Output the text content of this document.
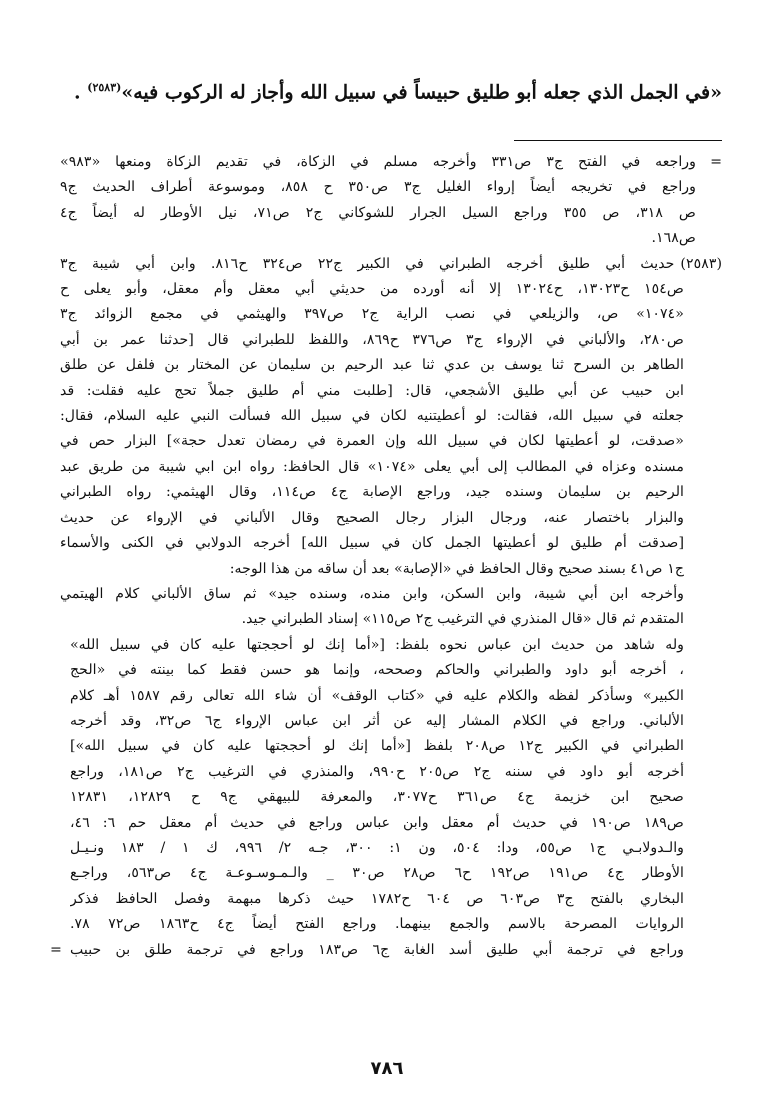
«في الجمل الذي جعله أبو طليق حبيساً في سبيل الله وأجاز له الركوب فيه»$^{(٢٥٨٣)}$ .
=
وراجعه في الفتح ج٣ ص٣٣١ وأخرجه مسلم في الزكاة، في تقديم الزكاة ومنعها «٩٨٣»
وراجع في تخريجه أيضاً إرواء الغليل ج٣ ص٣٥٠ ح ٨٥٨، وموسوعة أطراف الحديث ج٩
ص ٣١٨، ص ٣٥٥ وراجع السيل الجرار للشوكاني ج٢ ص٧١، نيل الأوطار له أيضاً ج٤
ص١٦٨.
(٢٥٨٣)حديث أبي طليق أخرجه الطبراني في الكبير ج٢٢ ص٣٢٤ ح٨١٦. وابن أبي شيبة ج٣
ص١٥٤ ح١٣٠٢٣، ح١٣٠٢٤ إلا أنه أورده من حديثي أبي معقل وأم معقل، وأبو يعلى ح
«١٠٧٤» ص، والزيلعي في نصب الراية ج٢ ص٣٩٧ والهيثمي في مجمع الزوائد ج٣
ص٢٨٠، والألباني في الإرواء ج٣ ص٣٧٦ ح٨٦٩، واللفظ للطبراني قال [حدثنا عمر بن أبي
الطاهر بن السرح ثنا يوسف بن عدي ثنا عبد الرحيم بن سليمان عن المختار بن فلفل عن طلق
ابن حبيب عن أبي طليق الأشجعي، قال: [طلبت مني أم طليق جملاً تحج عليه فقلت: قد
جعلته في سبيل الله، فقالت: لو أعطيتنيه لكان في سبيل الله فسألت النبي عليه السلام، فقال:
«صدقت، لو أعطيتها لكان في سبيل الله وإن العمرة في رمضان تعدل حجة»] البزار حص في
مسنده وعزاه في المطالب إلى أبي يعلى «١٠٧٤» قال الحافظ: رواه ابن ابي شيبة من طريق عبد
الرحيم بن سليمان وسنده جيد، وراجع الإصابة ج٤ ص١١٤، وقال الهيثمي: رواه الطبراني
والبزار باختصار عنه، ورجال البزار رجال الصحيح وقال الألباني في الإرواء عن حديث
[صدقت أم طليق لو أعطيتها الجمل كان في سبيل الله] أخرجه الدولابي في الكنى والأسماء
ج١ ص٤١ بسند صحيح وقال الحافظ في «الإصابة» بعد أن ساقه من هذا الوجه:
وأخرجه ابن أبي شيبة، وابن السكن، وابن منده، وسنده جيد» ثم ساق الألباني كلام الهيتمي
المتقدم ثم قال «قال المنذري في الترغيب ج٢ ص١١٥» إسناد الطبراني جيد.
وله شاهد من حديث ابن عباس نحوه بلفظ: [«أما إنك لو أحججتها عليه كان في سبيل الله»
، أخرجه أبو داود والطبراني والحاكم وصححه، وإنما هو حسن فقط كما بينته في «الحج
الكبير» وسأذكر لفظه والكلام عليه في «كتاب الوقف» أن شاء الله تعالى رقم ١٥٨٧ أهـ كلام
الألباني. وراجع في الكلام المشار إليه عن أثر ابن عباس الإرواء ج٦ ص٣٢، وقد أخرجه
الطبراني في الكبير ج١٢ ص٢٠٨ بلفظ [«أما إنك لو أحججتها عليه كان في سبيل الله»]
أخرجه أبو داود في سننه ج٢ ص٢٠٥ ح٩٩٠، والمنذري في الترغيب ج٢ ص١٨١، وراجع
صحيح ابن خزيمة ج٤ ص٣٦١ ح٣٠٧٧، والمعرفة للبيهقي ج٩ ح ١٢٨٢٩، ١٢٨٣١
ص١٨٩ ص١٩٠ في حديث أم معقل وابن عباس وراجع في حديث أم معقل حم ٦: ٤٦،
والـدولابـي ج١ ص٥٥، ودا: ٥٠٤، ون ١: ٣٠٠، جـه ٢/ ٩٩٦، ك ١ / ١٨٣ ونـيـل
الأوطار ج٤ ص١٩١ ص١٩٢ ح٦ ص٢٨ ص٣٠ _ والـمـوسـوعـة ج٤ ص٥٦٣، وراجـع
البخاري بالفتح ج٣ ص٦٠٣ ص ٦٠٤ ح١٧٨٢ حيث ذكرها مبهمة وفصل الحافظ فذكر
الروايات المصرحة بالاسم والجمع بينهما. وراجع الفتح أيضاً ج٤ ح١٨٦٣ ص٧٢ ٧٨.
وراجع في ترجمة أبي طليق أسد الغابة ج٦ ص١٨٣ وراجع في ترجمة طلق بن حبيب
=
٧٨٦
